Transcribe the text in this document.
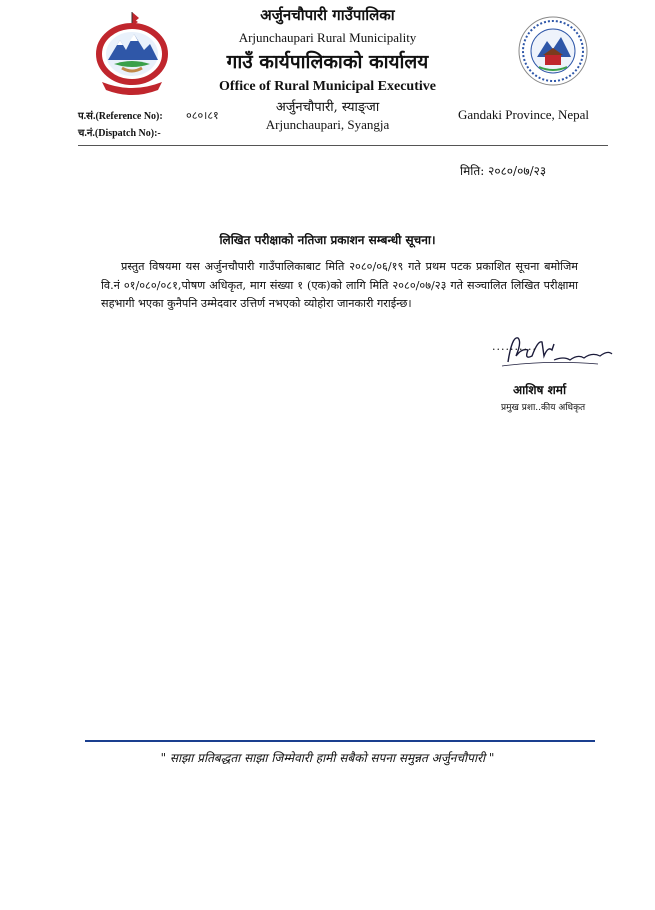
अर्जुनचौपारी गाउँपालिका
Arjunchaupari Rural Municipality
गाउँ कार्यपालिकाको कार्यालय
Office of Rural Municipal Executive
अर्जुनचौपारी, स्याङ्जा
Arjunchaupari, Syangja
प.सं.(Reference No): ०८०।८१
च.नं.(Dispatch No):-
Gandaki Province, Nepal
मिति: २०८०/०७/२३
लिखित परीक्षाको नतिजा प्रकाशन सम्बन्धी सूचना।
प्रस्तुत विषयमा यस अर्जुनचौपारी गाउँपालिकाबाट मिति २०८०/०६/१९ गते प्रथम पटक प्रकाशित सूचना बमोजिम वि.नं ०१/०८०/०८१,पोषण अधिकृत, माग संख्या १ (एक)को लागि मिति २०८०/०७/२३ गते सञ्चालित लिखित परीक्षामा सहभागी भएका कुनैपनि उम्मेदवार उत्तिर्ण नभएको व्योहोरा जानकारी गराईन्छ।
..........
आशिष शर्मा
प्रमुख प्रशा..कीय अधिकृत
" साझा प्रतिबद्धता साझा जिम्मेवारी हामी सबैको सपना समुन्नत अर्जुनचौपारी "
